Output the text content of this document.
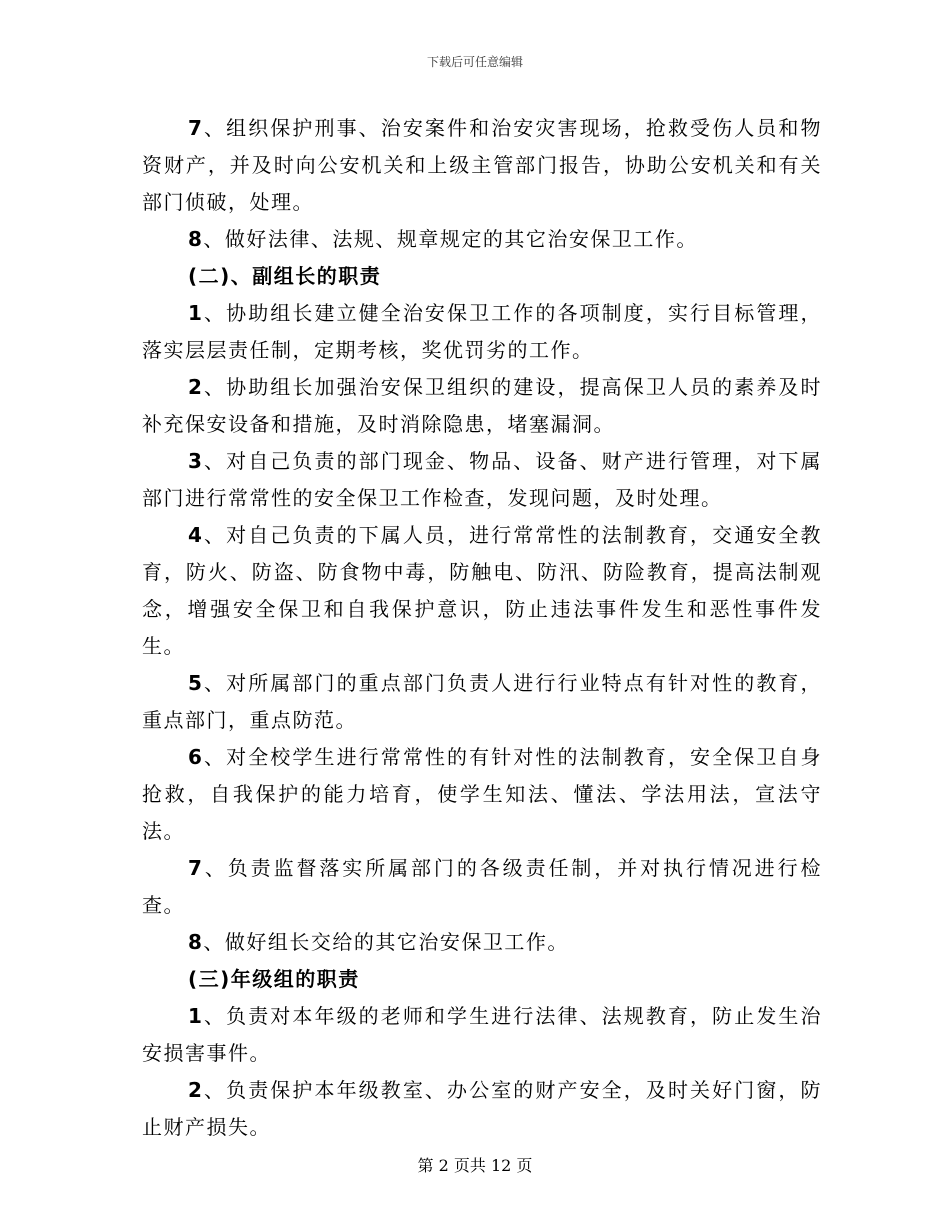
下载后可任意编辑

7、组织保护刑事、治安案件和治安灾害现场，抢救受伤人员和物资财产，并及时向公安机关和上级主管部门报告，协助公安机关和有关部门侦破，处理。

8、做好法律、法规、规章规定的其它治安保卫工作。

(二)、副组长的职责

1、协助组长建立健全治安保卫工作的各项制度，实行目标管理，落实层层责任制，定期考核，奖优罚劣的工作。

2、协助组长加强治安保卫组织的建设，提高保卫人员的素养及时补充保安设备和措施，及时消除隐患，堵塞漏洞。

3、对自己负责的部门现金、物品、设备、财产进行管理，对下属部门进行常常性的安全保卫工作检查，发现问题，及时处理。

4、对自己负责的下属人员，进行常常性的法制教育，交通安全教育，防火、防盗、防食物中毒，防触电、防汛、防险教育，提高法制观念，增强安全保卫和自我保护意识，防止违法事件发生和恶性事件发生。

5、对所属部门的重点部门负责人进行行业特点有针对性的教育，重点部门，重点防范。

6、对全校学生进行常常性的有针对性的法制教育，安全保卫自身抢救，自我保护的能力培育，使学生知法、懂法、学法用法，宣法守法。

7、负责监督落实所属部门的各级责任制，并对执行情况进行检查。

8、做好组长交给的其它治安保卫工作。

(三)年级组的职责

1、负责对本年级的老师和学生进行法律、法规教育，防止发生治安损害事件。

2、负责保护本年级教室、办公室的财产安全，及时关好门窗，防止财产损失。

第 2 页共 12 页
